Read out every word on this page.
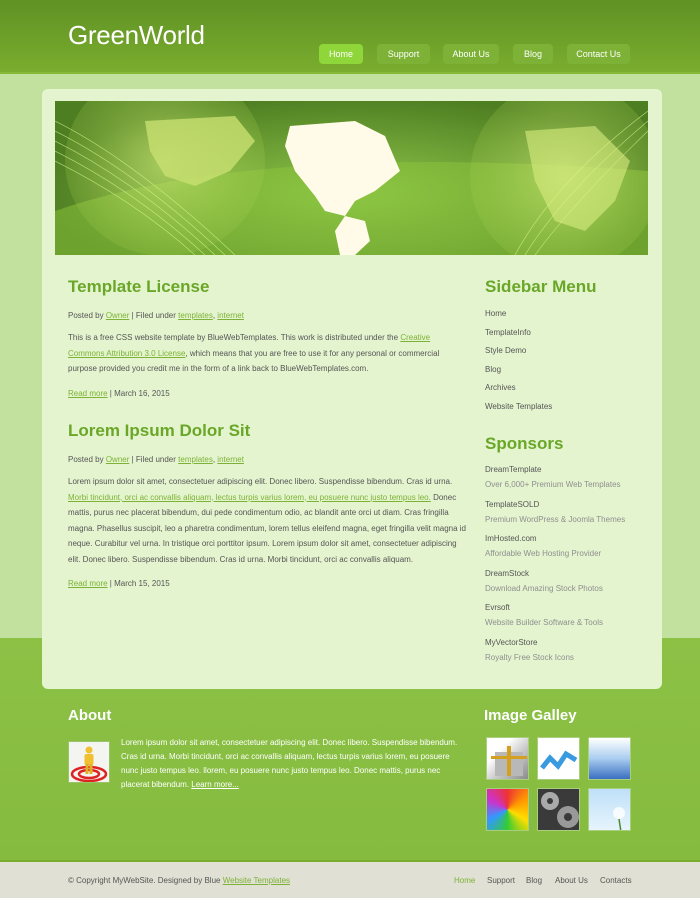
GreenWorld
Home	Support	About Us	Blog	Contact Us
Template License
Posted by Owner | Filed under templates, internet
This is a free CSS website template by BlueWebTemplates. This work is distributed under the Creative Commons Attribution 3.0 License, which means that you are free to use it for any personal or commercial purpose provided you credit me in the form of a link back to BlueWebTemplates.com.
Read more | March 16, 2015
Lorem Ipsum Dolor Sit
Posted by Owner | Filed under templates, internet
Lorem ipsum dolor sit amet, consectetuer adipiscing elit. Donec libero. Suspendisse bibendum. Cras id urna. Morbi tincidunt, orci ac convallis aliquam, lectus turpis varius lorem, eu posuere nunc justo tempus leo. Donec mattis, purus nec placerat bibendum, dui pede condimentum odio, ac blandit ante orci ut diam. Cras fringilla magna. Phasellus suscipit, leo a pharetra condimentum, lorem tellus eleifend magna, eget fringilla velit magna id neque. Curabitur vel urna. In tristique orci porttitor ipsum. Lorem ipsum dolor sit amet, consectetuer adipiscing elit. Donec libero. Suspendisse bibendum. Cras id urna. Morbi tincidunt, orci ac convallis aliquam.
Read more | March 15, 2015
Sidebar Menu
Home
TemplateInfo
Style Demo
Blog
Archives
Website Templates
Sponsors
DreamTemplate
Over 6,000+ Premium Web Templates
TemplateSOLD
Premium WordPress & Joomla Themes
ImHosted.com
Affordable Web Hosting Provider
DreamStock
Download Amazing Stock Photos
Evrsoft
Website Builder Software & Tools
MyVectorStore
Royalty Free Stock Icons
About

Lorem ipsum dolor sit amet, consectetuer adipiscing elit. Donec libero. Suspendisse bibendum. Cras id urna. Morbi tincidunt, orci ac convallis aliquam, lectus turpis varius lorem, eu posuere nunc justo tempus leo. llorem, eu posuere nunc justo tempus leo. Donec mattis, purus nec placerat bibendum. Learn more...

Image Galley
© Copyright MyWebSite. Designed by Blue Website Templates	Home Support Blog About Us Contacts
